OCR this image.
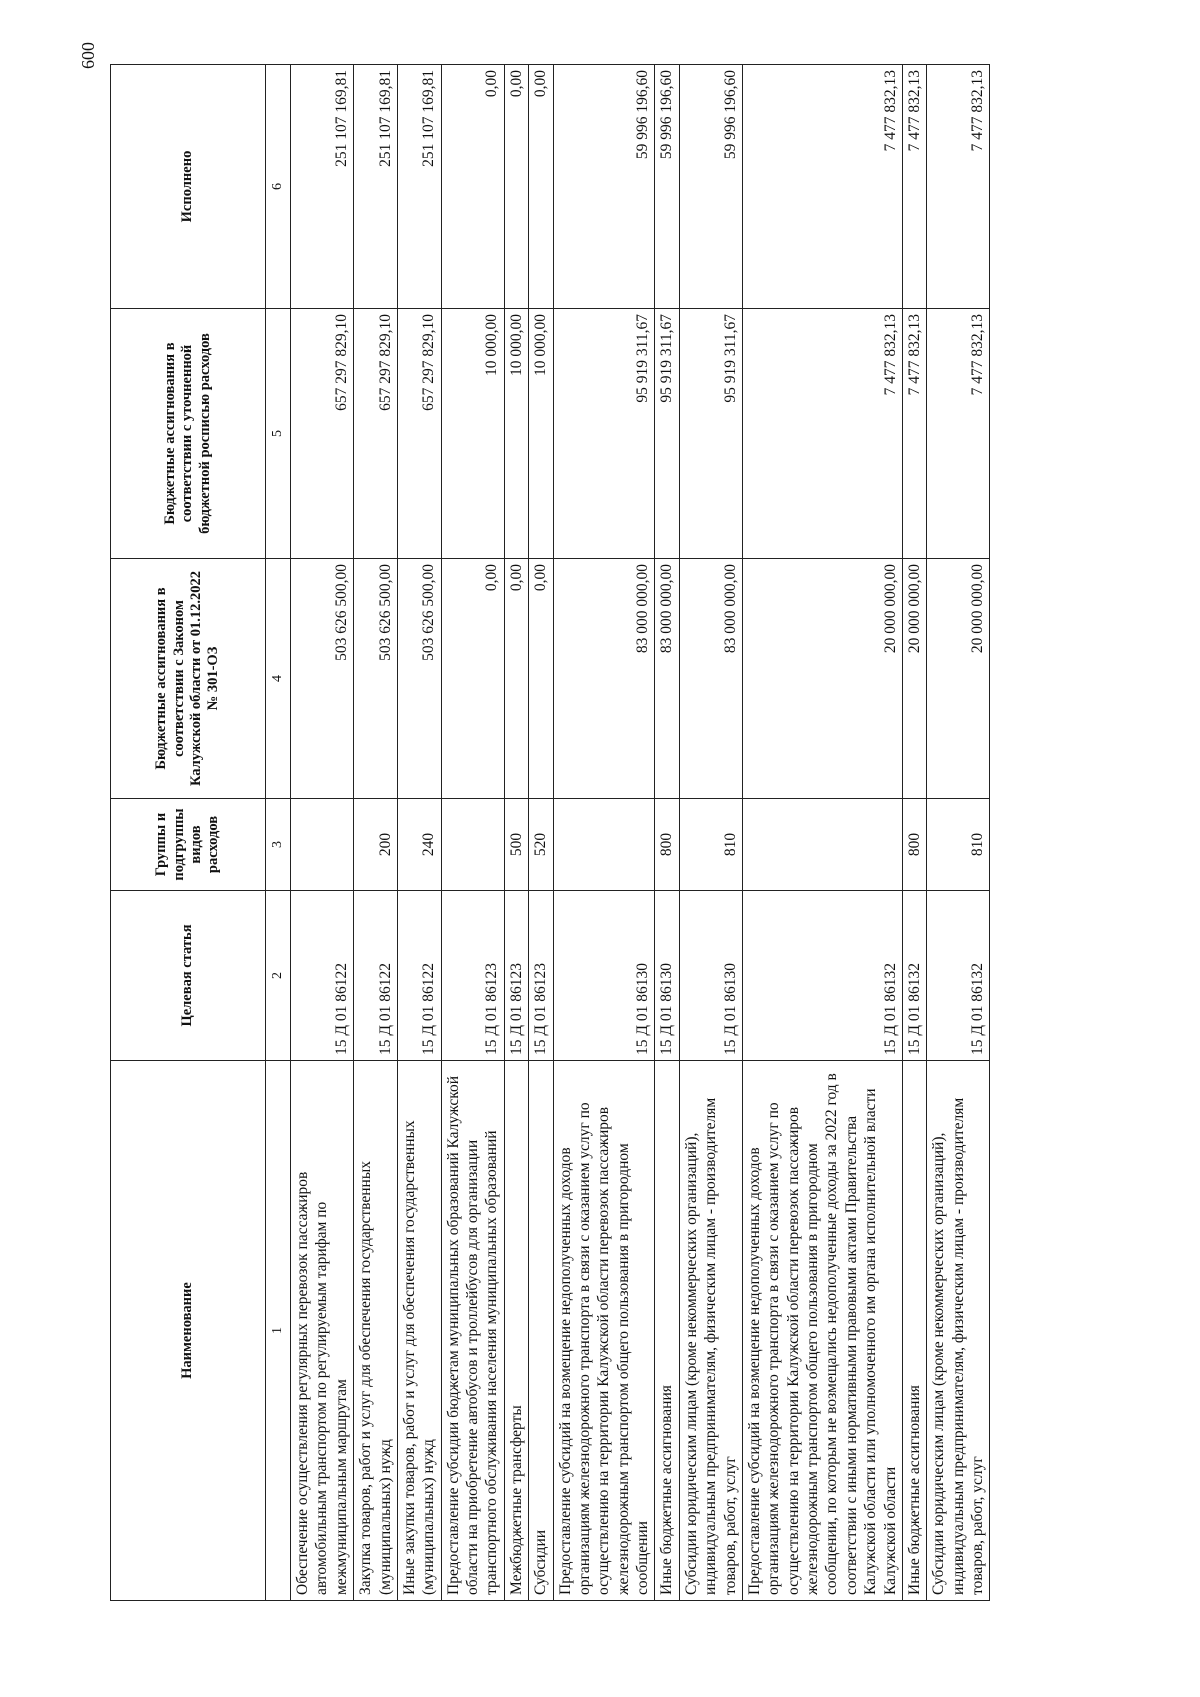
600
Наименование	Целевая статья	Группы и подгруппы видов расходов	Бюджетные ассигнования в соответствии с Законом Калужской области от 01.12.2022 № 301-ОЗ	Бюджетные ассигнования в соответствии с уточненной бюджетной росписью расходов	Исполнено
1	2	3	4	5	6
Обеспечение осуществления регулярных перевозок пассажиров автомобильным транспортом по регулируемым тарифам по межмуниципальным маршрутам	15 Д 01 86122		503 626 500,00	657 297 829,10	251 107 169,81
Закупка товаров, работ и услуг для обеспечения государственных (муниципальных) нужд	15 Д 01 86122	200	503 626 500,00	657 297 829,10	251 107 169,81
Иные закупки товаров, работ и услуг для обеспечения государственных (муниципальных) нужд	15 Д 01 86122	240	503 626 500,00	657 297 829,10	251 107 169,81
Предоставление субсидии бюджетам муниципальных образований Калужской области на приобретение автобусов и троллейбусов для организации транспортного обслуживания населения муниципальных образований	15 Д 01 86123		0,00	10 000,00	0,00
Межбюджетные трансферты	15 Д 01 86123	500	0,00	10 000,00	0,00
Субсидии	15 Д 01 86123	520	0,00	10 000,00	0,00
Предоставление субсидий на возмещение недополученных доходов организациям железнодорожного транспорта в связи с оказанием услуг по осуществлению на территории Калужской области перевозок пассажиров железнодорожным транспортом общего пользования в пригородном сообщении	15 Д 01 86130		83 000 000,00	95 919 311,67	59 996 196,60
Иные бюджетные ассигнования	15 Д 01 86130	800	83 000 000,00	95 919 311,67	59 996 196,60
Субсидии юридическим лицам (кроме некоммерческих организаций), индивидуальным предпринимателям, физическим лицам - производителям товаров, работ, услуг	15 Д 01 86130	810	83 000 000,00	95 919 311,67	59 996 196,60
Предоставление субсидий на возмещение недополученных доходов организациям железнодорожного транспорта в связи с оказанием услуг по осуществлению на территории Калужской области перевозок пассажиров железнодорожным транспортом общего пользования в пригородном сообщении, по которым не возмещались недополученные доходы за 2022 год в соответствии с иными нормативными правовыми актами Правительства Калужской области или уполномоченного им органа исполнительной власти Калужской области	15 Д 01 86132		20 000 000,00	7 477 832,13	7 477 832,13
Иные бюджетные ассигнования	15 Д 01 86132	800	20 000 000,00	7 477 832,13	7 477 832,13
Субсидии юридическим лицам (кроме некоммерческих организаций), индивидуальным предпринимателям, физическим лицам - производителям товаров, работ, услуг	15 Д 01 86132	810	20 000 000,00	7 477 832,13	7 477 832,13
